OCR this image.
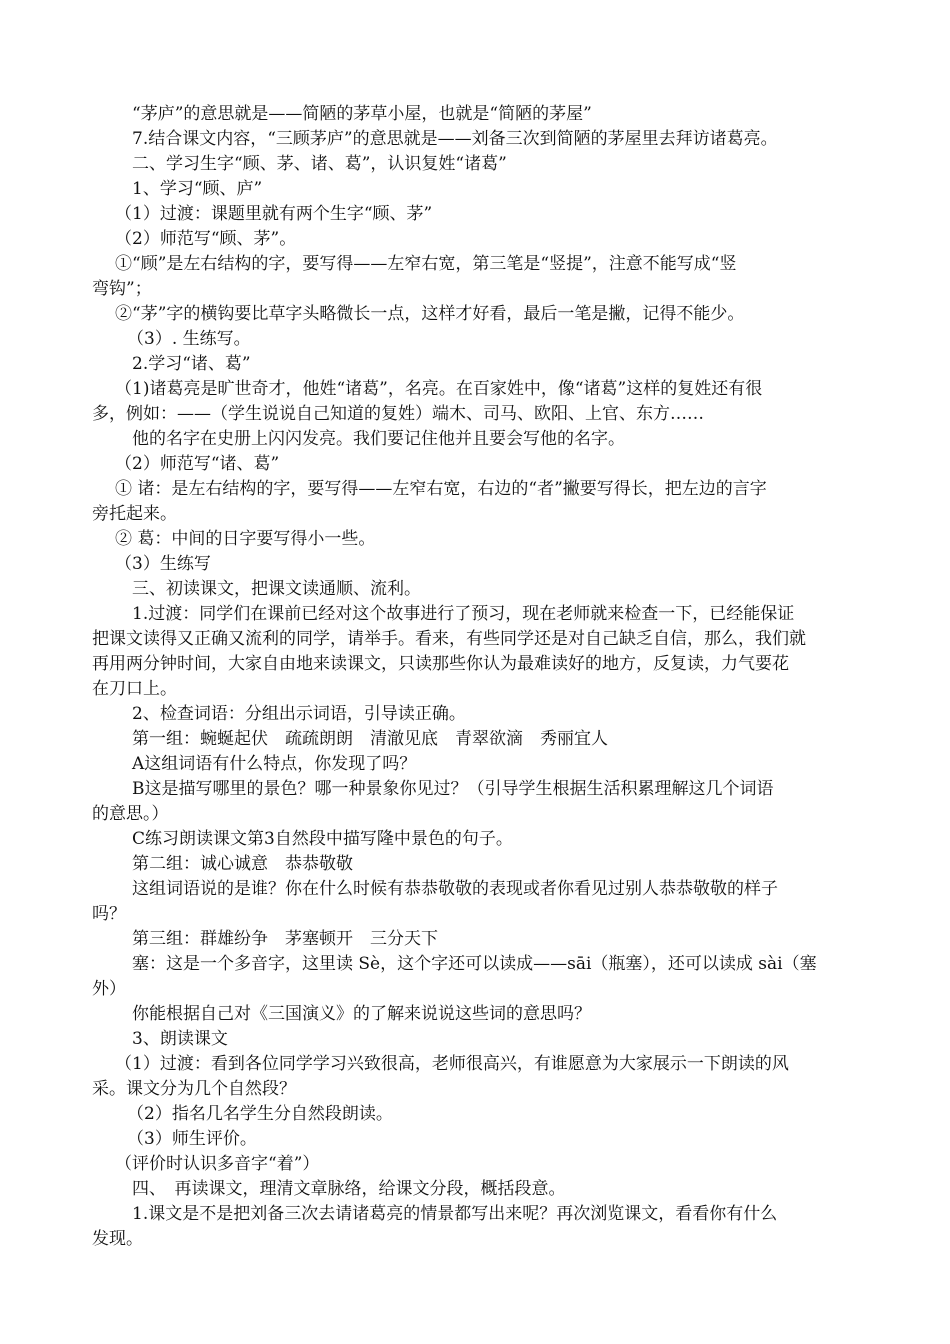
“茅庐”的意思就是——简陋的茅草小屋，也就是“简陋的茅屋”
7.结合课文内容，“三顾茅庐”的意思就是——刘备三次到简陋的茅屋里去拜访诸葛亮。
二、学习生字“顾、茅、诸、葛”，认识复姓“诸葛”
1、学习“顾、庐”
（1）过渡：课题里就有两个生字“顾、茅”
（2）师范写“顾、茅”。
①“顾”是左右结构的字，要写得——左窄右宽，第三笔是“竖提”，注意不能写成“竖
弯钩”；
②“茅”字的横钩要比草字头略微长一点，这样才好看，最后一笔是撇，记得不能少。
（3）. 生练写。
2.学习“诸、葛”
（1)诸葛亮是旷世奇才，他姓“诸葛”，名亮。在百家姓中，像“诸葛”这样的复姓还有很
多，例如：——（学生说说自己知道的复姓）端木、司马、欧阳、上官、东方……
他的名字在史册上闪闪发亮。我们要记住他并且要会写他的名字。
（2）师范写“诸、葛”
① 诸：是左右结构的字，要写得——左窄右宽，右边的“者”撇要写得长，把左边的言字
旁托起来。
② 葛：中间的日字要写得小一些。
（3）生练写
三、初读课文，把课文读通顺、流利。
1.过渡：同学们在课前已经对这个故事进行了预习，现在老师就来检查一下，已经能保证
把课文读得又正确又流利的同学，请举手。看来，有些同学还是对自己缺乏自信，那么，我们就
再用两分钟时间，大家自由地来读课文，只读那些你认为最难读好的地方，反复读，力气要花
在刀口上。
2、检查词语：分组出示词语，引导读正确。
第一组：蜿蜒起伏　疏疏朗朗　清澈见底　青翠欲滴　秀丽宜人
A这组词语有什么特点，你发现了吗？
B这是描写哪里的景色？哪一种景象你见过？（引导学生根据生活积累理解这几个词语
的意思。）
C练习朗读课文第3自然段中描写隆中景色的句子。
第二组：诚心诚意　恭恭敬敬
这组词语说的是谁？你在什么时候有恭恭敬敬的表现或者你看见过别人恭恭敬敬的样子
吗？
第三组：群雄纷争　茅塞顿开　三分天下
塞：这是一个多音字，这里读 Sè，这个字还可以读成——sāi（瓶塞），还可以读成 sài（塞
外）
你能根据自己对《三国演义》的了解来说说这些词的意思吗？
3、朗读课文
（1）过渡：看到各位同学学习兴致很高，老师很高兴，有谁愿意为大家展示一下朗读的风
采。课文分为几个自然段？
（2）指名几名学生分自然段朗读。
（3）师生评价。
（评价时认识多音字“着”）
四、　再读课文，理清文章脉络，给课文分段，概括段意。
1.课文是不是把刘备三次去请诸葛亮的情景都写出来呢？再次浏览课文，看看你有什么
发现。
